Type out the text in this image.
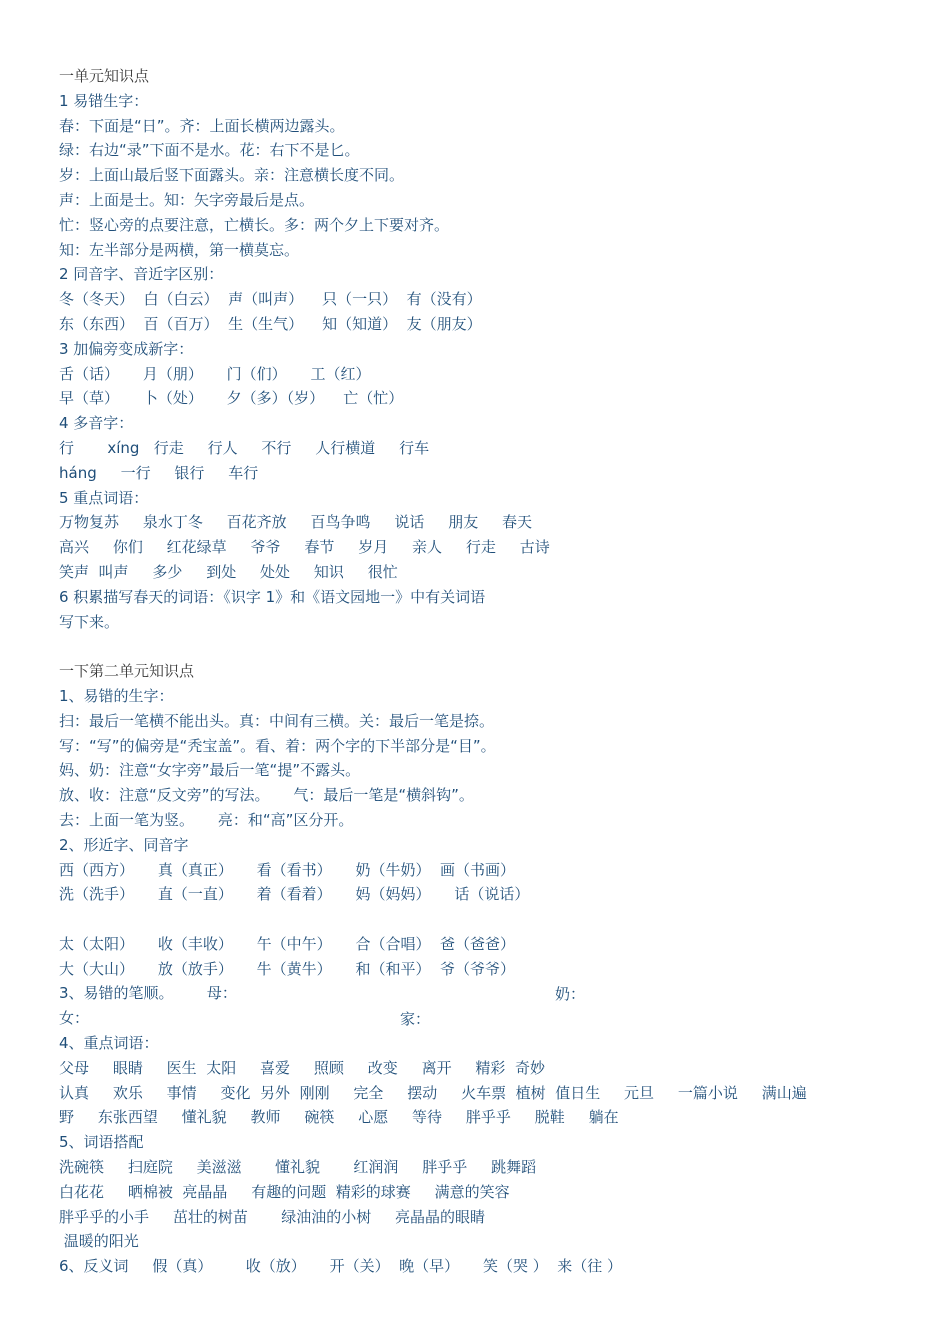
一单元知识点
1 易错生字：
春：下面是“日”。齐：上面长横两边露头。
绿：右边“录”下面不是水。花：右下不是匕。
岁：上面山最后竖下面露头。亲：注意横长度不同。
声：上面是士。知：矢字旁最后是点。
忙：竖心旁的点要注意，亡横长。多：两个夕上下要对齐。
知：左半部分是两横，第一横莫忘。
2 同音字、音近字区别：
冬（冬天）  白（白云）  声（叫声）    只（一只）  有（没有）
东（东西）  百（百万）  生（生气）    知（知道）  友（朋友）
3 加偏旁变成新字：
舌（话）     月（朋）     门（们）     工（红）
早（草）     卜（处）     夕（多）（岁）    亡（忙）
4 多音字：
行       xíng   行走     行人     不行     人行横道     行车
háng     一行     银行     车行
5 重点词语：
万物复苏     泉水丁冬     百花齐放     百鸟争鸣     说话     朋友     春天
高兴     你们     红花绿草     爷爷     春节     岁月     亲人     行走     古诗
笑声  叫声     多少     到处     处处     知识     很忙
6 积累描写春天的词语：《识字 1》和《语文园地一》中有关词语
写下来。
一下第二单元知识点
1、易错的生字：
扫：最后一笔横不能出头。真：中间有三横。关：最后一笔是捺。
写：“写”的偏旁是“秃宝盖”。看、着：两个字的下半部分是“目”。
妈、奶：注意“女字旁”最后一笔“提”不露头。
放、收：注意“反文旁”的写法。     气：最后一笔是“横斜钩”。
去：上面一笔为竖。     亮：和“高”区分开。
2、形近字、同音字
西（西方）     真（真正）     看（看书）     奶（牛奶）  画（书画）
洗（洗手）     直（一直）     着（看着）     妈（妈妈）     话（说话）
太（太阳）     收（丰收）     午（中午）     合（合唱）  爸（爸爸）
大（大山）     放（放手）     牛（黄牛）     和（和平）  爷（爷爷）
3、易错的笔顺。       母：
女：
4、重点词语：
父母     眼睛     医生  太阳     喜爱     照顾     改变     离开     精彩  奇妙
认真     欢乐     事情     变化  另外  刚刚     完全     摆动     火车票  植树  值日生     元旦     一篇小说     满山遍
野     东张西望     懂礼貌     教师     碗筷     心愿     等待     胖乎乎     脱鞋     躺在
5、词语搭配
洗碗筷     扫庭院     美滋滋       懂礼貌       红润润     胖乎乎     跳舞蹈
白花花     晒棉被  亮晶晶     有趣的问题  精彩的球赛     满意的笑容
胖乎乎的小手     茁壮的树苗       绿油油的小树     亮晶晶的眼睛
温暖的阳光
6、反义词     假（真）       收（放）     开（关）  晚（早）     笑（哭 ）  来（往 ）
奶：
家：
